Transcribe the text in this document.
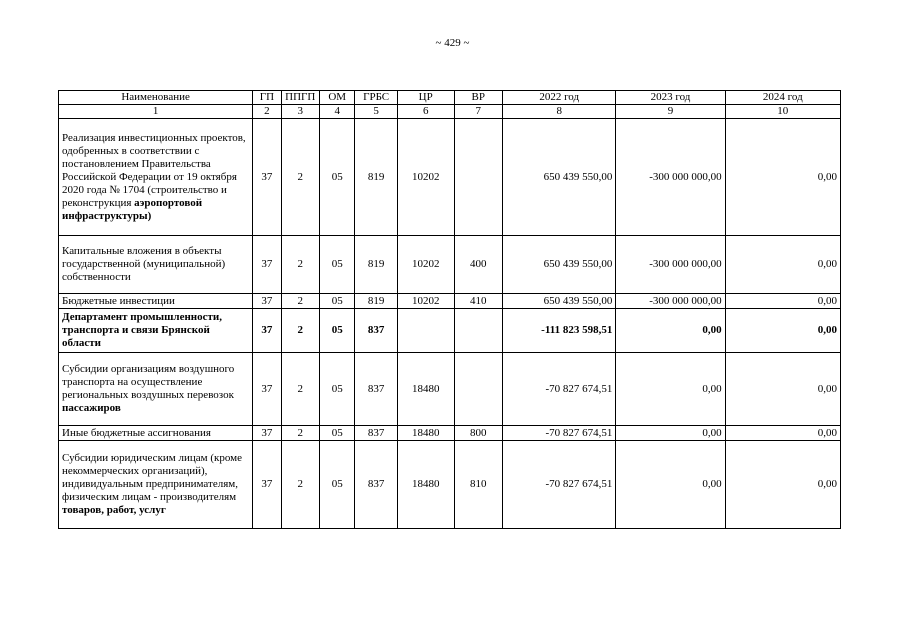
~ 429 ~
Наименование	ГП	ППГП	ОМ	ГРБС	ЦР	ВР	2022 год	2023 год	2024 год
1	2	3	4	5	6	7	8	9	10
Реализация инвестиционных проектов, одобренных в соответствии с постановлением Правительства Российской Федерации от 19 октября 2020 года № 1704 (строительство и реконструкция аэропортовой инфраструктуры)	37	2	05	819	10202		650 439 550,00	-300 000 000,00	0,00
Капитальные вложения в объекты государственной (муниципальной) собственности	37	2	05	819	10202	400	650 439 550,00	-300 000 000,00	0,00
Бюджетные инвестиции	37	2	05	819	10202	410	650 439 550,00	-300 000 000,00	0,00
Департамент промышленности, транспорта и связи Брянской области	37	2	05	837			-111 823 598,51	0,00	0,00
Субсидии организациям воздушного транспорта на осуществление региональных воздушных перевозок пассажиров	37	2	05	837	18480		-70 827 674,51	0,00	0,00
Иные бюджетные ассигнования	37	2	05	837	18480	800	-70 827 674,51	0,00	0,00
Субсидии юридическим лицам (кроме некоммерческих организаций), индивидуальным предпринимателям, физическим лицам - производителям товаров, работ, услуг	37	2	05	837	18480	810	-70 827 674,51	0,00	0,00
